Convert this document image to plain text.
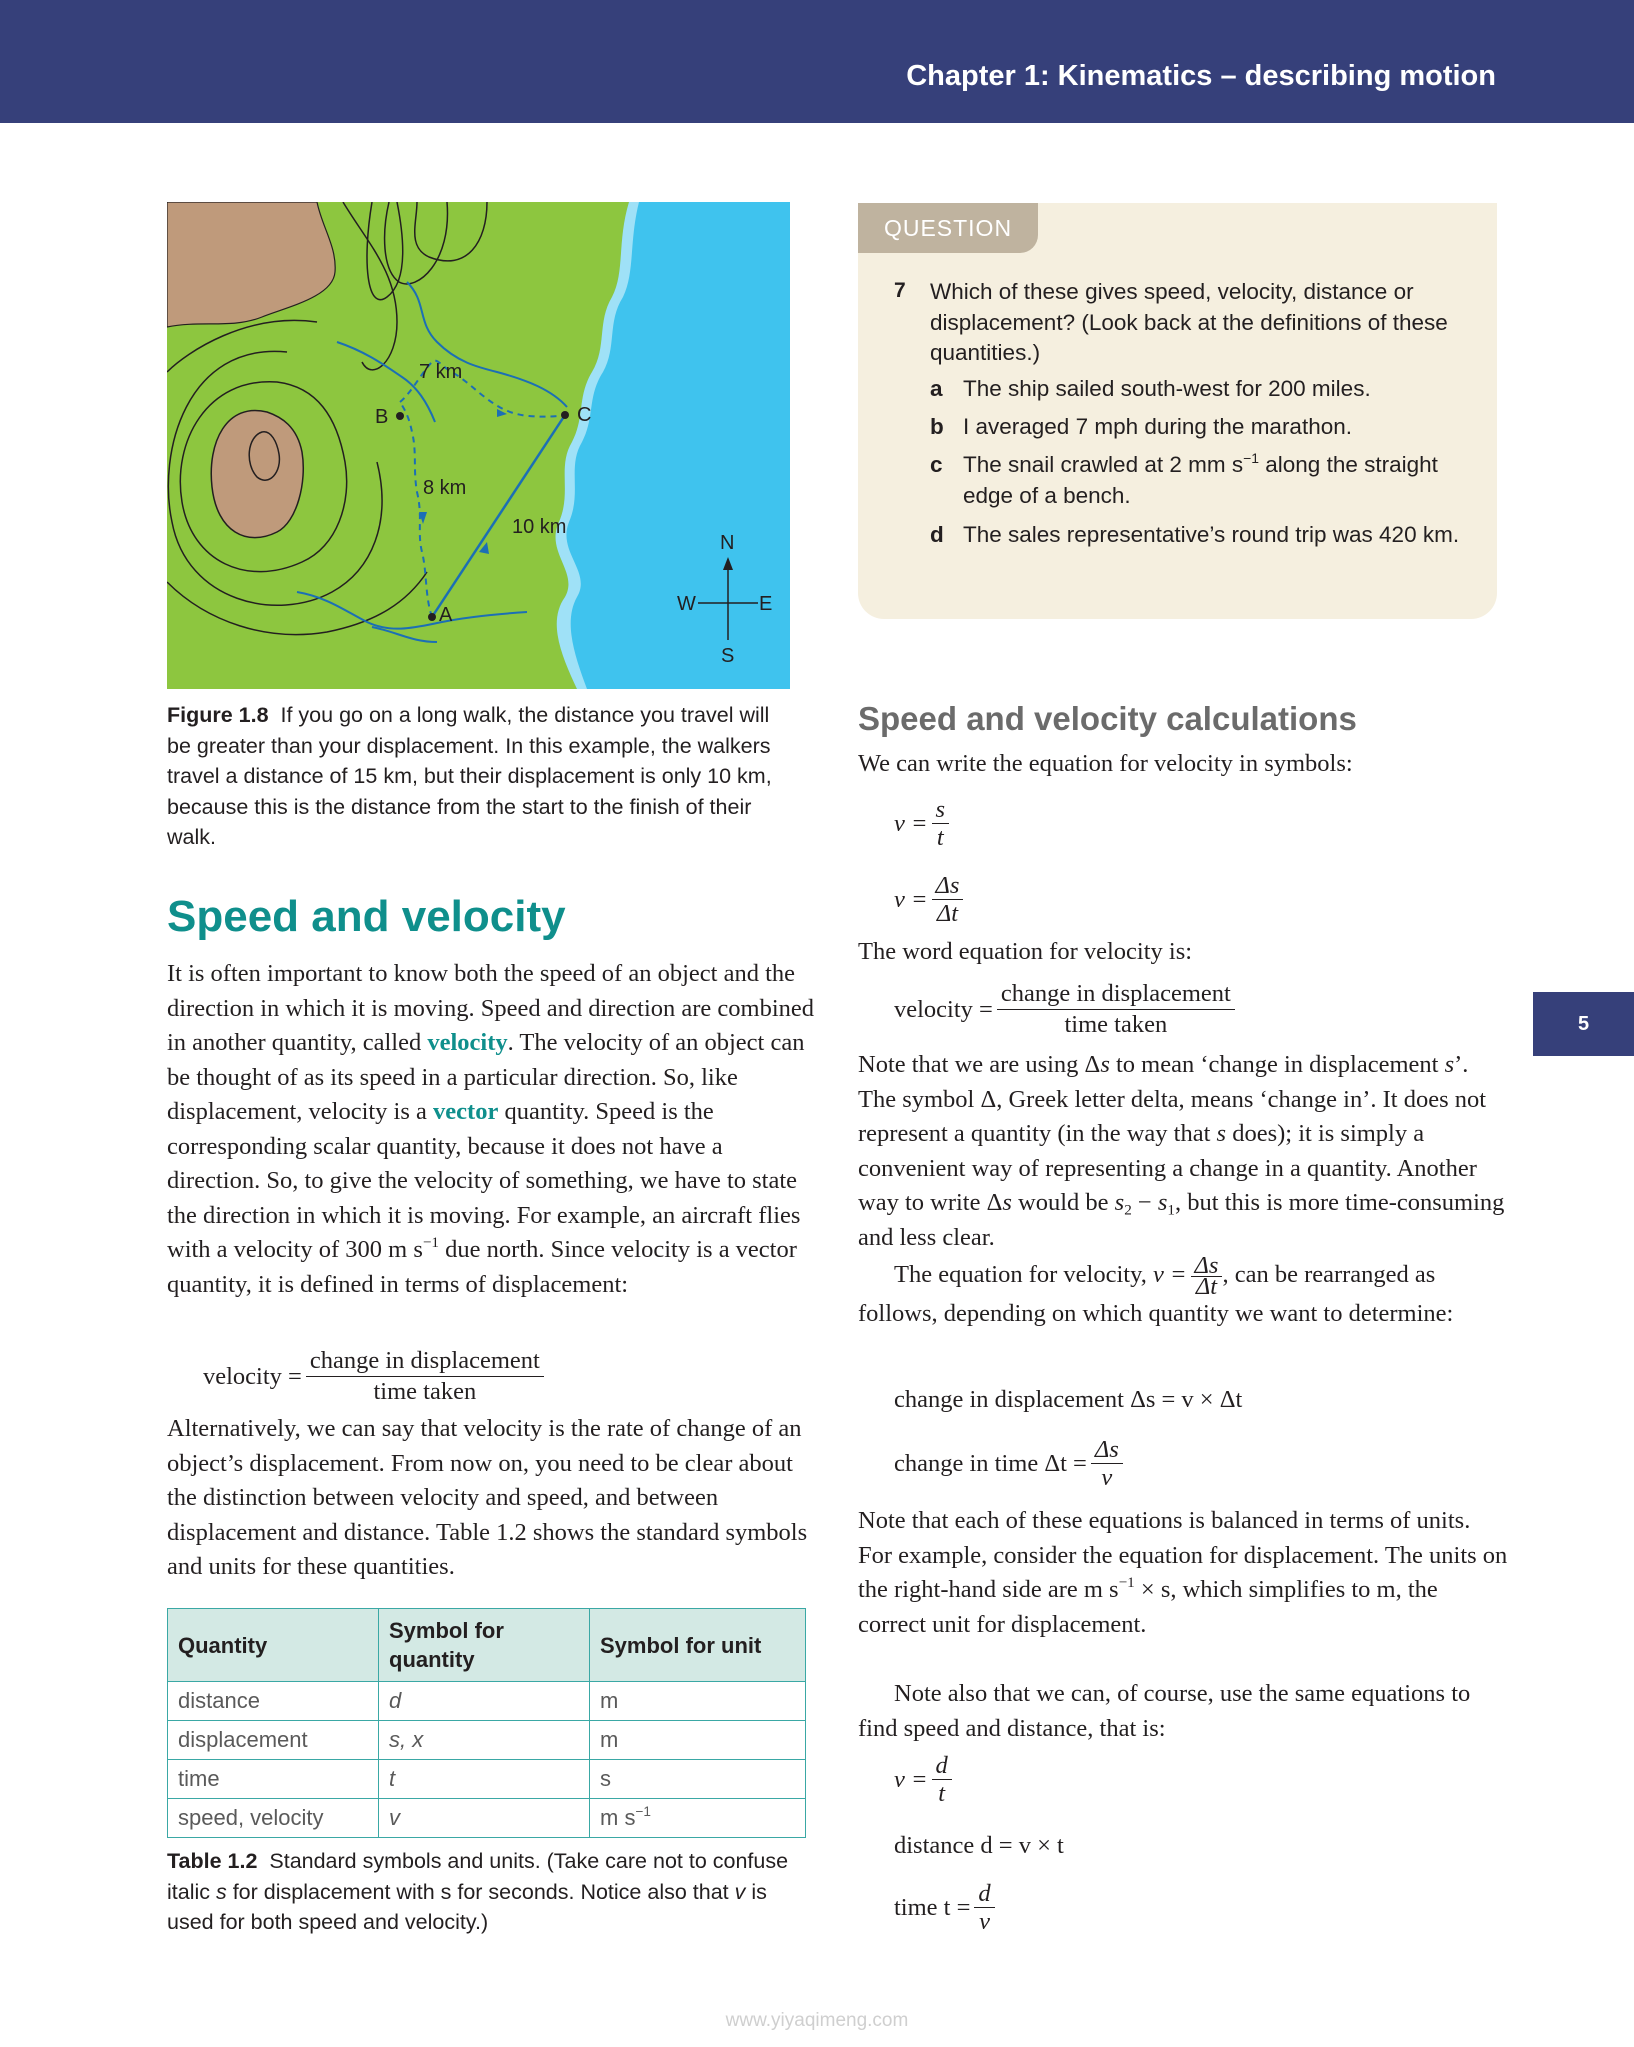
Chapter 1: Kinematics – describing motion
5
A
B	C
7 km
8 km
10 km
N
S
E
W
Figure 1.8 If you go on a long walk, the distance you travel will be greater than your displacement. In this example, the walkers travel a distance of 15 km, but their displacement is only 10 km, because this is the distance from the start to the finish of their walk.
Speed and velocity
It is often important to know both the speed of an object and the direction in which it is moving. Speed and direction are combined in another quantity, called velocity. The velocity of an object can be thought of as its speed in a particular direction. So, like displacement, velocity is a vector quantity. Speed is the corresponding scalar quantity, because it does not have a direction. So, to give the velocity of something, we have to state the direction in which it is moving. For example, an aircraft flies with a velocity of 300 m $s^{-1}$ due north. Since velocity is a vector quantity, it is defined in terms of displacement:
velocity = $\frac{\text{change in displacement}}{\text{time taken}}$
Alternatively, we can say that velocity is the rate of change of an object’s displacement. From now on, you need to be clear about the distinction between velocity and speed, and between displacement and distance. Table 1.2 shows the standard symbols and units for these quantities.
Quantity	Symbol for quantity	Symbol for unit
distance	d	m
displacement	s, x	m
time	t	s
speed, velocity	v	m $s^{-1}$
Table 1.2 Standard symbols and units. (Take care not to confuse italic s for displacement with s for seconds. Notice also that v is used for both speed and velocity.)
QUESTION
7 Which of these gives speed, velocity, distance or displacement? (Look back at the definitions of these quantities.)
a The ship sailed south-west for 200 miles.
b I averaged 7 mph during the marathon.
c The snail crawled at 2 mm $s^{-1}$ along the straight edge of a bench.
d The sales representative’s round trip was 420 km.
Speed and velocity calculations
We can write the equation for velocity in symbols:
$v = \frac{s}{t}$
$v = \frac{\Delta s}{\Delta t}$
The word equation for velocity is:
velocity = $\frac{\text{change in displacement}}{\text{time taken}}$
Note that we are using Δs to mean ‘change in displacement s’. The symbol Δ, Greek letter delta, means ‘change in’. It does not represent a quantity (in the way that s does); it is simply a convenient way of representing a change in a quantity. Another way to write Δs would be $s_2 - s_1$, but this is more time-consuming and less clear.
The equation for velocity, $v = \frac{\Delta s}{\Delta t}$ , can be rearranged as follows, depending on which quantity we want to determine:
change in displacement Δs = v × Δt
change in time $\Delta t = \frac{\Delta s}{v}$
Note that each of these equations is balanced in terms of units. For example, consider the equation for displacement. The units on the right-hand side are m $s^{-1} \times s$, which simplifies to m, the correct unit for displacement.
Note also that we can, of course, use the same equations to find speed and distance, that is:
$v = \frac{d}{t}$
distance d = v × t
time $t = \frac{d}{v}$
www.yiyaqimeng.com
